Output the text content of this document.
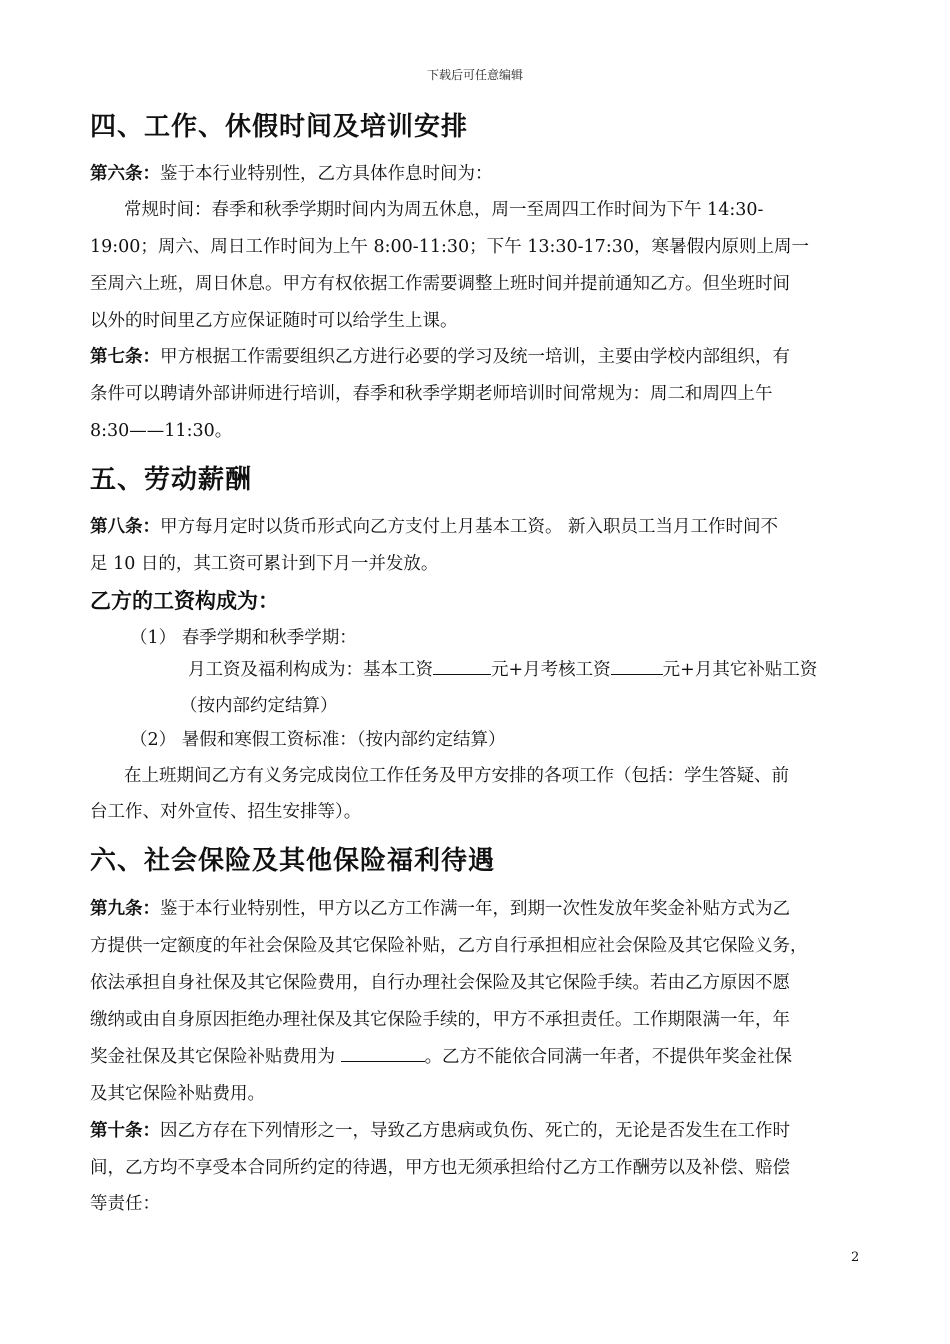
下载后可任意编辑
四、工作、休假时间及培训安排
第六条：鉴于本行业特别性，乙方具体作息时间为：
常规时间：春季和秋季学期时间内为周五休息，周一至周四工作时间为下午 14:30-
19:00；周六、周日工作时间为上午 8:00-11:30；下午 13:30-17:30，寒暑假内原则上周一
至周六上班，周日休息。甲方有权依据工作需要调整上班时间并提前通知乙方。但坐班时间
以外的时间里乙方应保证随时可以给学生上课。
第七条：甲方根据工作需要组织乙方进行必要的学习及统一培训，主要由学校内部组织，有
条件可以聘请外部讲师进行培训，春季和秋季学期老师培训时间常规为：周二和周四上午
8:30——11:30。
五、劳动薪酬
第八条：甲方每月定时以货币形式向乙方支付上月基本工资。 新入职员工当月工作时间不
足 10 日的，其工资可累计到下月一并发放。
乙方的工资构成为：
（1） 春季学期和秋季学期：
月工资及福利构成为：基本工资	元+月考核工资	元+月其它补贴工资
（按内部约定结算）
（2） 暑假和寒假工资标准：（按内部约定结算）
在上班期间乙方有义务完成岗位工作任务及甲方安排的各项工作（包括：学生答疑、前
台工作、对外宣传、招生安排等）。
六、社会保险及其他保险福利待遇
第九条：鉴于本行业特别性，甲方以乙方工作满一年，到期一次性发放年奖金补贴方式为乙
方提供一定额度的年社会保险及其它保险补贴，乙方自行承担相应社会保险及其它保险义务，
依法承担自身社保及其它保险费用，自行办理社会保险及其它保险手续。若由乙方原因不愿
缴纳或由自身原因拒绝办理社保及其它保险手续的，甲方不承担责任。工作期限满一年，年
奖金社保及其它保险补贴费用为	。乙方不能依合同满一年者，不提供年奖金社保
及其它保险补贴费用。
第十条：因乙方存在下列情形之一，导致乙方患病或负伤、死亡的，无论是否发生在工作时
间，乙方均不享受本合同所约定的待遇，甲方也无须承担给付乙方工作酬劳以及补偿、赔偿
等责任：
2
